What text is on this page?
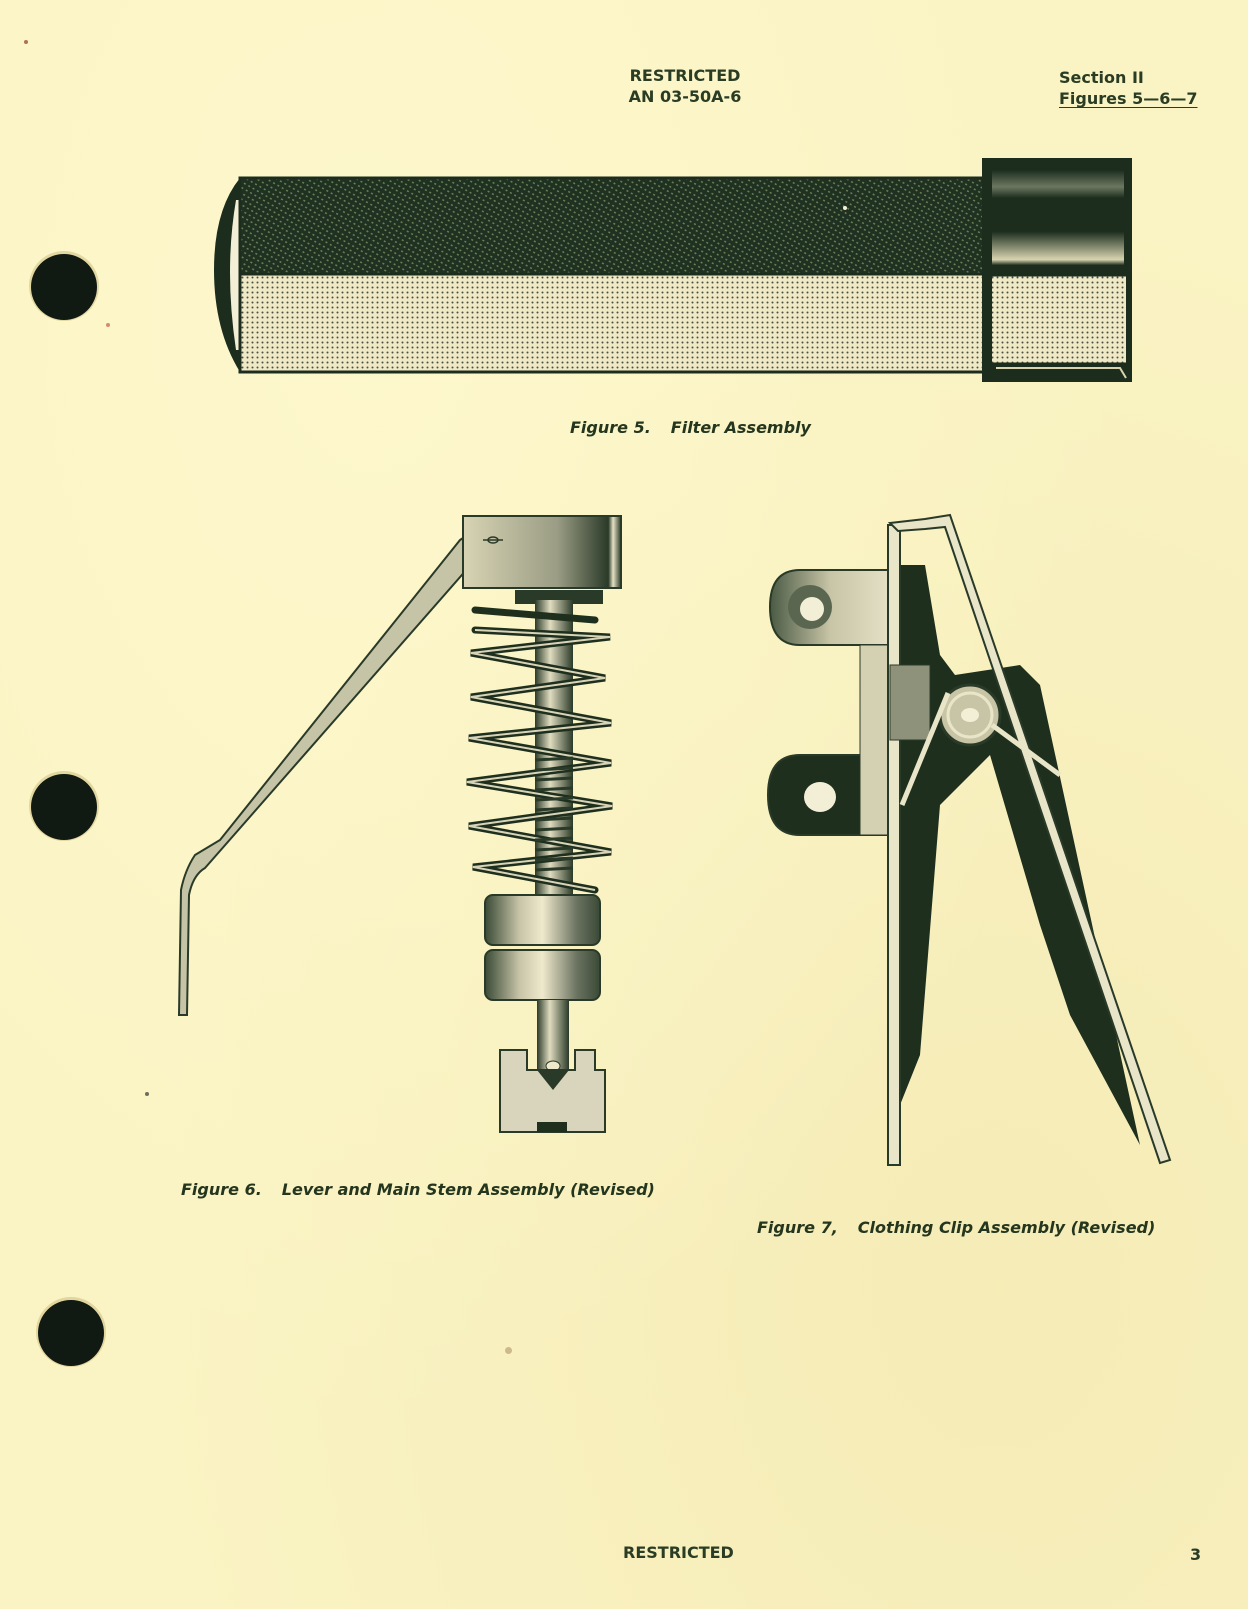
RESTRICTED
AN 03-50A-6
Section II
Figures 5—6—7
Figure 5. Filter Assembly
Figure 6. Lever and Main Stem Assembly (Revised)
Figure 7, Clothing Clip Assembly (Revised)
RESTRICTED	3
